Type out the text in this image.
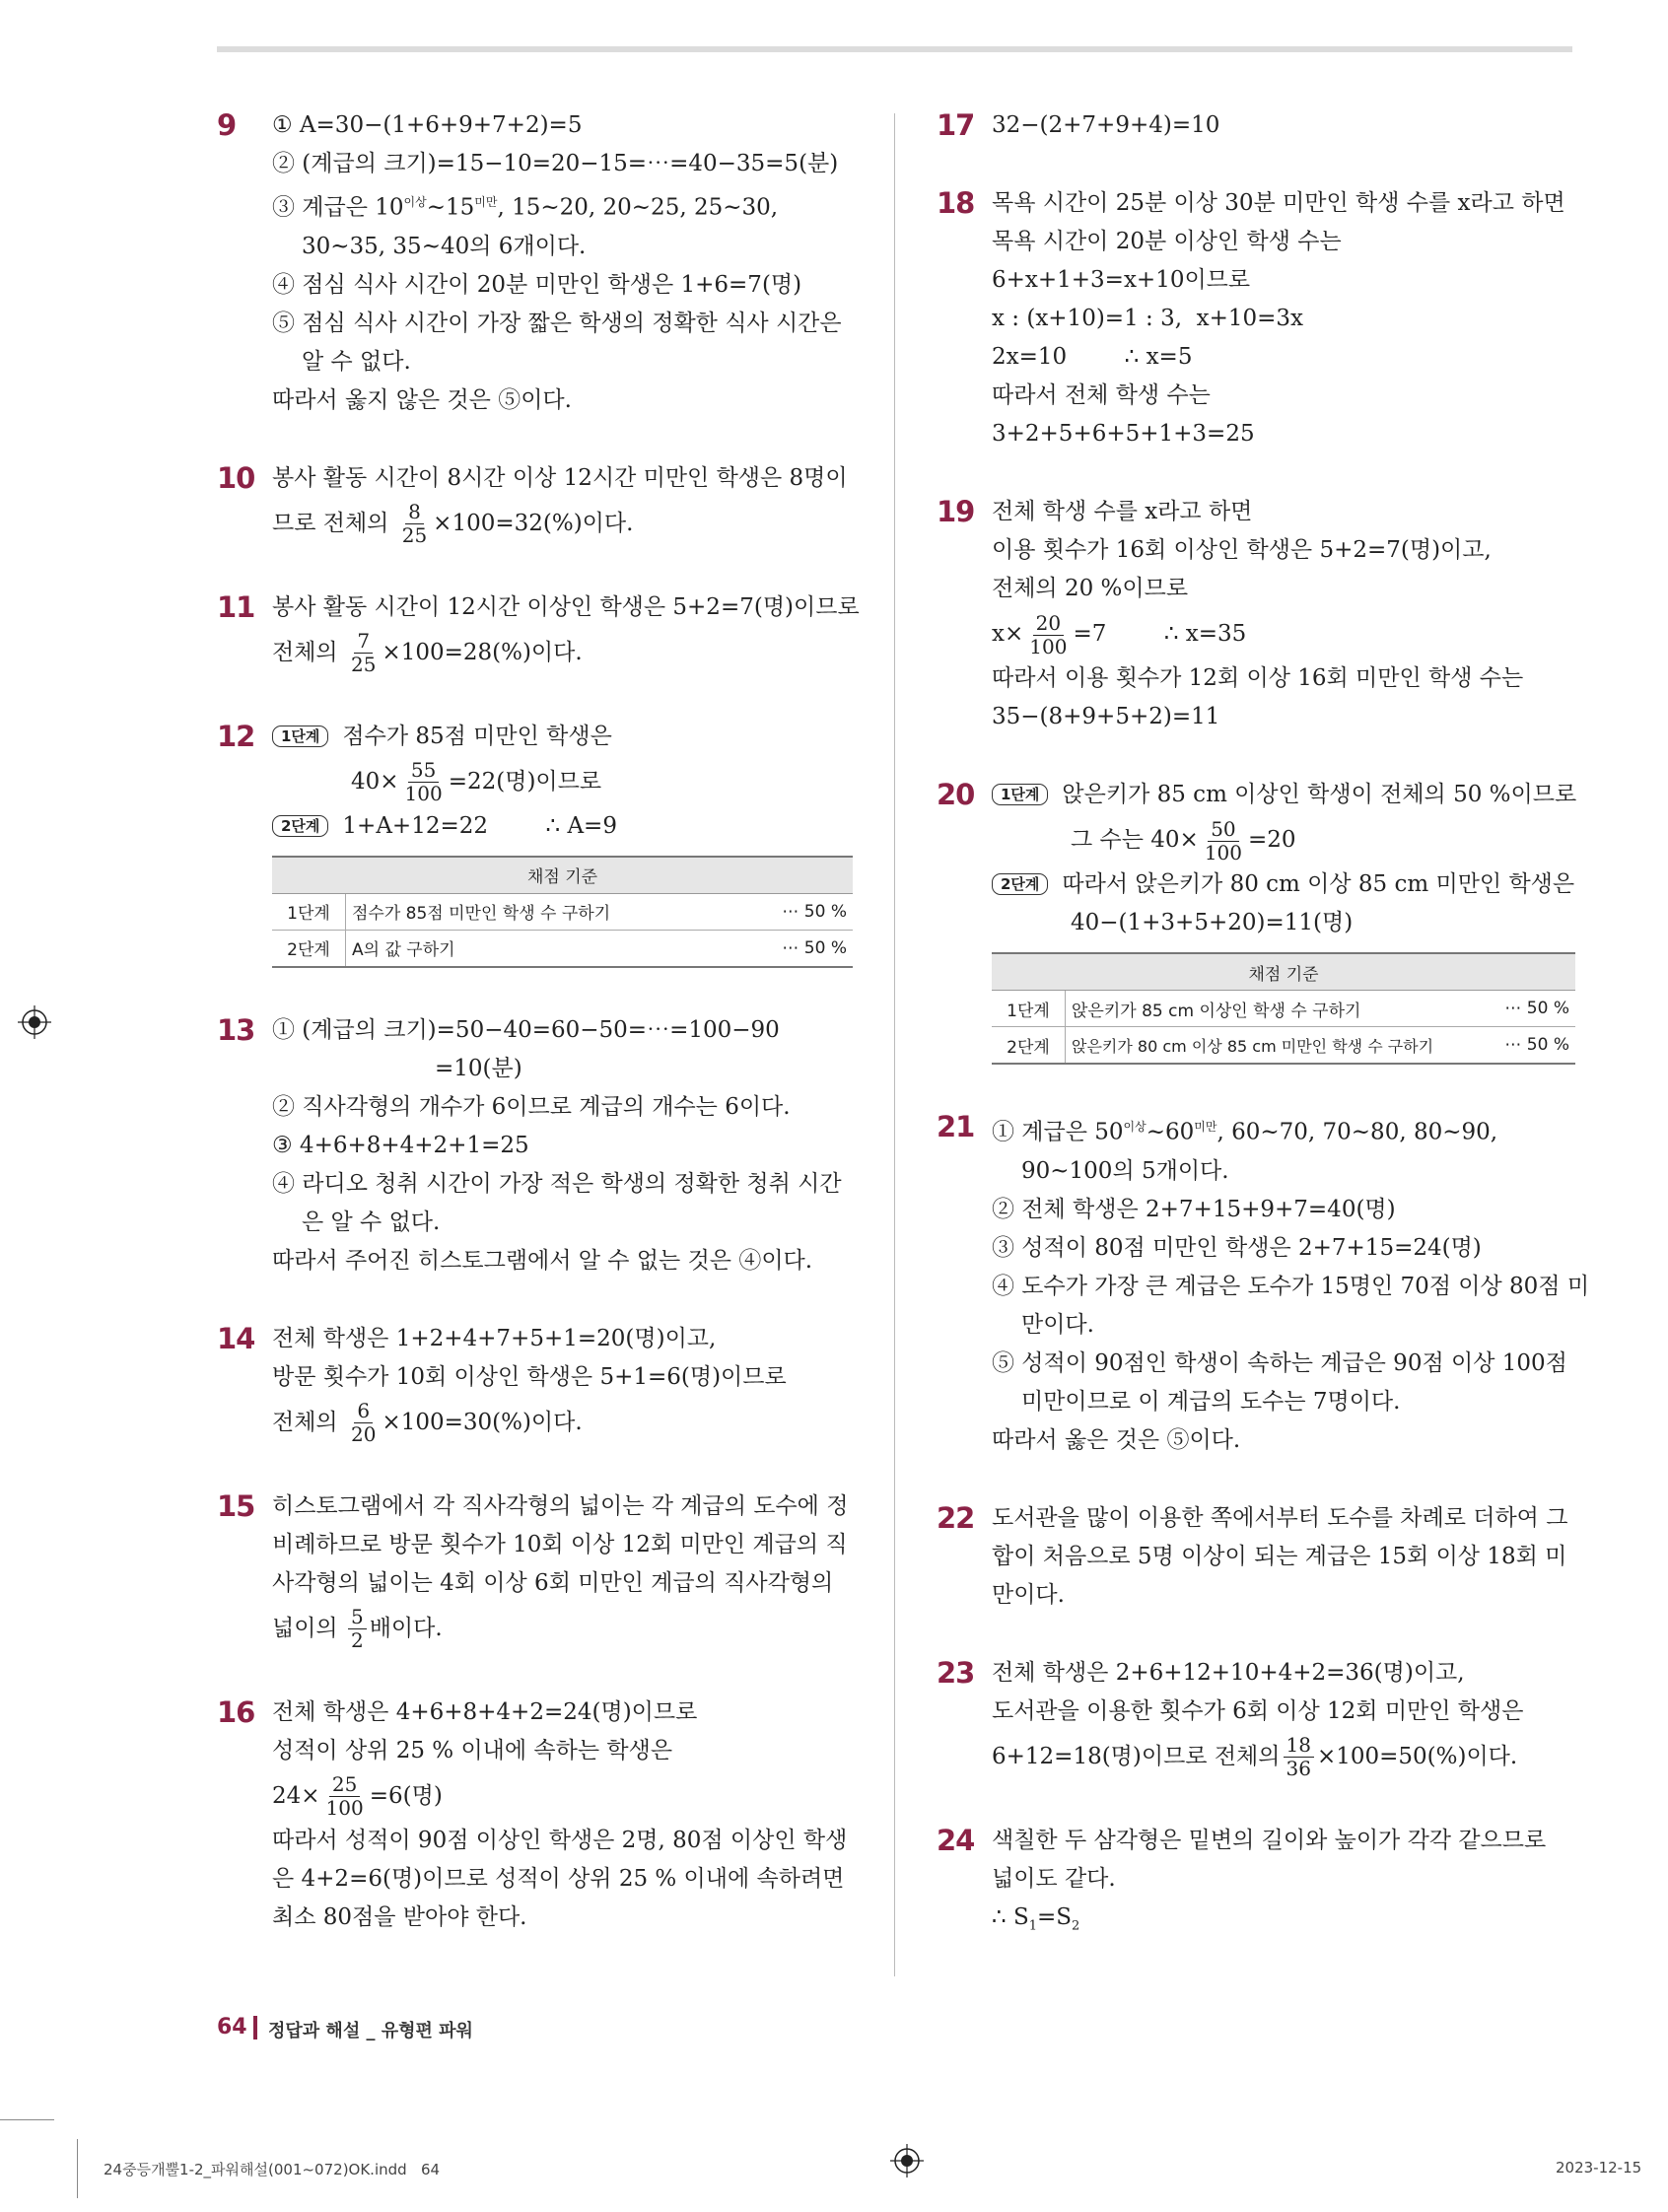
9 ① A=30−(1+6+9+7+2)=5
② (계급의 크기)=15−10=20−15=⋯=40−35=5(분)
③ 계급은 $10^{이상}\sim 15^{미만}$, 15~20, 20~25, 25~30,
30~35, 35~40의 6개이다.
④ 점심 식사 시간이 20분 미만인 학생은 1+6=7(명)
⑤ 점심 식사 시간이 가장 짧은 학생의 정확한 식사 시간은
알 수 없다.
따라서 옳지 않은 것은 ⑤이다.
10 봉사 활동 시간이 8시간 이상 12시간 미만인 학생은 8명이
므로 전체의 $\frac{8}{25} \times 100=32(\%)$이다.
11 봉사 활동 시간이 12시간 이상인 학생은 5+2=7(명)이므로
전체의 $\frac{7}{25} \times 100=28(\%)$이다.
12	1단계 점수가 85점 미만인 학생은
$40\times \frac{55}{100} =22$(명)이므로
2단계 1+A+12=22        ∴ A=9
채점 기준		
1단계	점수가 85점 미만인 학생 수 구하기	⋯ 50 %
2단계	A의 값 구하기	⋯ 50 %
13 ① (계급의 크기)=50−40=60−50=⋯=100−90
=10(분)
② 직사각형의 개수가 6이므로 계급의 개수는 6이다.
③ 4+6+8+4+2+1=25
④ 라디오 청취 시간이 가장 적은 학생의 정확한 청취 시간
은 알 수 없다.
따라서 주어진 히스토그램에서 알 수 없는 것은 ④이다.
14 전체 학생은 1+2+4+7+5+1=20(명)이고,
방문 횟수가 10회 이상인 학생은 5+1=6(명)이므로
전체의 $\frac{6}{20} \times 100=30(\%)$이다.
15 히스토그램에서 각 직사각형의 넓이는 각 계급의 도수에 정
비례하므로 방문 횟수가 10회 이상 12회 미만인 계급의 직
사각형의 넓이는 4회 이상 6회 미만인 계급의 직사각형의
넓이의 $\frac{5}{2}$ 배이다.
16 전체 학생은 4+6+8+4+2=24(명)이므로
성적이 상위 25 % 이내에 속하는 학생은
$24\times \frac{25}{100} =6$(명)
따라서 성적이 90점 이상인 학생은 2명, 80점 이상인 학생
은 4+2=6(명)이므로 성적이 상위 25 % 이내에 속하려면
최소 80점을 받아야 한다.
17 32−(2+7+9+4)=10
18 목욕 시간이 25분 이상 30분 미만인 학생 수를 x라고 하면
목욕 시간이 20분 이상인 학생 수는
6+x+1+3=x+10이므로
x : (x+10)=1 : 3,  x+10=3x
2x=10        ∴ x=5
따라서 전체 학생 수는
3+2+5+6+5+1+3=25
19 전체 학생 수를 x라고 하면
이용 횟수가 16회 이상인 학생은 5+2=7(명)이고,
전체의 20 %이므로
$x\times \frac{20}{100} =7$        ∴ x=35
따라서 이용 횟수가 12회 이상 16회 미만인 학생 수는
35−(8+9+5+2)=11
20	1단계 앉은키가 85 cm 이상인 학생이 전체의 50 %이므로
그 수는 $40\times \frac{50}{100} =20$
2단계 따라서 앉은키가 80 cm 이상 85 cm 미만인 학생은
40−(1+3+5+20)=11(명)
채점 기준		
1단계	앉은키가 85 cm 이상인 학생 수 구하기	⋯ 50 %
2단계	앉은키가 80 cm 이상 85 cm 미만인 학생 수 구하기	⋯ 50 %
21 ① 계급은 $50^{이상}\sim 60^{미만}$, 60~70, 70~80, 80~90,
90~100의 5개이다.
② 전체 학생은 2+7+15+9+7=40(명)
③ 성적이 80점 미만인 학생은 2+7+15=24(명)
④ 도수가 가장 큰 계급은 도수가 15명인 70점 이상 80점 미
만이다.
⑤ 성적이 90점인 학생이 속하는 계급은 90점 이상 100점
미만이므로 이 계급의 도수는 7명이다.
따라서 옳은 것은 ⑤이다.
22 도서관을 많이 이용한 쪽에서부터 도수를 차례로 더하여 그
합이 처음으로 5명 이상이 되는 계급은 15회 이상 18회 미
만이다.
23 전체 학생은 2+6+12+10+4+2=36(명)이고,
도서관을 이용한 횟수가 6회 이상 12회 미만인 학생은
6+12=18(명)이므로 전체의 $\frac{18}{36} \times 100=50(\%)$이다.
24 색칠한 두 삼각형은 밑변의 길이와 높이가 각각 같으므로
넓이도 같다.
∴ $S_1=S_2$
64 정답과 해설 _ 유형편 파워
24중등개뿔1-2_파워해설(001~072)OK.indd   64	2023-12-15
